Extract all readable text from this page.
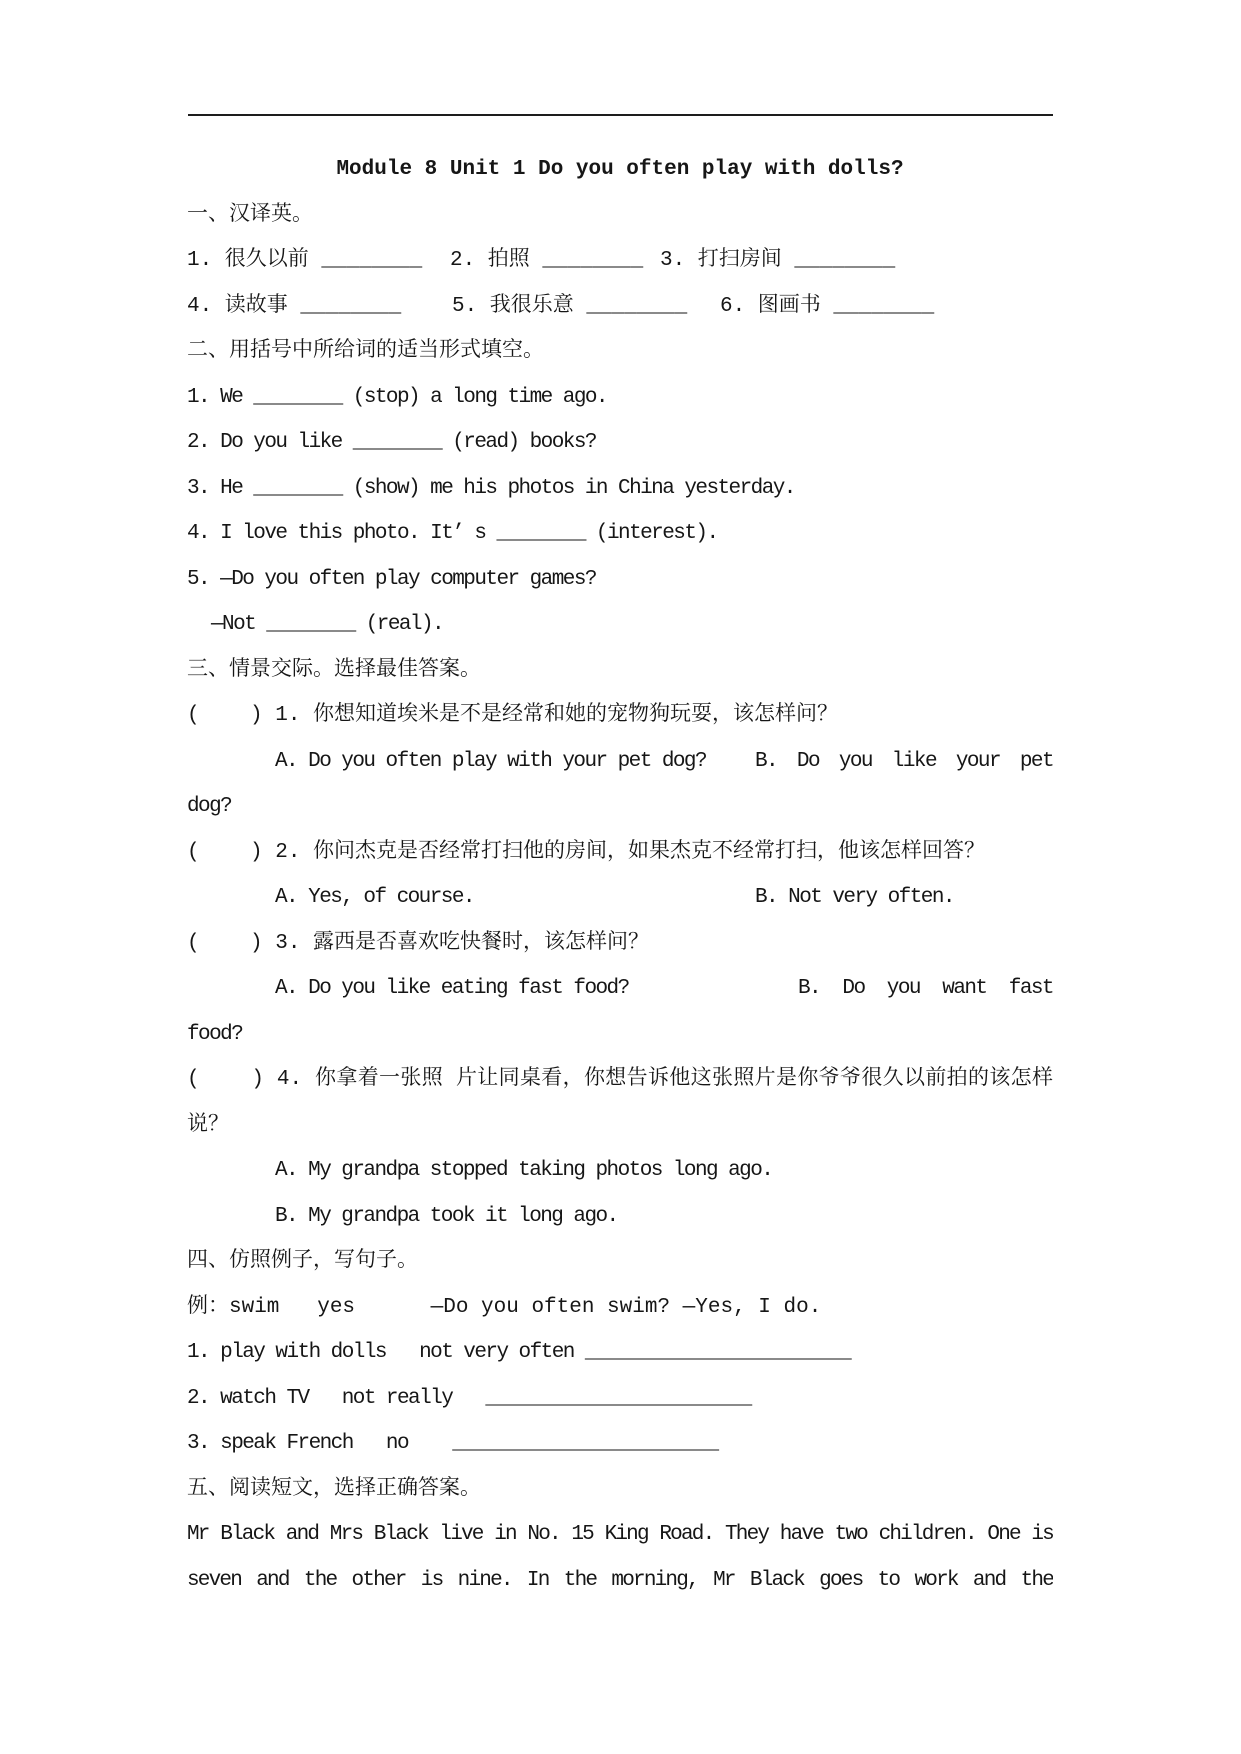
Module 8 Unit 1 Do you often play with dolls?
一、汉译英。
1. 很久以前 ________	2. 拍照 ________ 3. 打扫房间 ________
4. 读故事 ________	5. 我很乐意 ________	6. 图画书 ________
二、用括号中所给词的适当形式填空。
1. We ________ (stop) a long time ago.
2. Do you like ________ (read) books?
3. He ________ (show) me his photos in China yesterday.
4. I love this photo. It’ s ________ (interest).
5. —Do you often play computer games?
—Not ________ (real).
三、情景交际。选择最佳答案。
(    ) 1. 你想知道埃米是不是经常和她的宠物狗玩耍，该怎样问？
A. Do you often play with your pet dog?	B. Do you like your pet
dog?
(    ) 2. 你问杰克是否经常打扫他的房间，如果杰克不经常打扫，他该怎样回答？
A. Yes, of course.	B. Not very often.
(    ) 3. 露西是否喜欢吃快餐时，该怎样问？
A. Do you like eating fast food?	B. Do you want fast
food?
(    ) 4. 你拿着一张照 片让同桌看，你想告诉他这张照片是你爷爷很久以前拍的该怎样
说？
A. My grandpa stopped taking photos long ago.
B. My grandpa took it long ago.
四、仿照例子，写句子。
例：swim   yes      —Do you often swim? —Yes, I do.
1. play with dolls   not very often ________________________
2. watch TV   not really   ________________________
3. speak French   no    ________________________
五、阅读短文，选择正确答案。
Mr Black and Mrs Black live in No. 15 King Road. They have two children. One is
seven and the other is nine. In the morning, Mr Black goes to work and the
